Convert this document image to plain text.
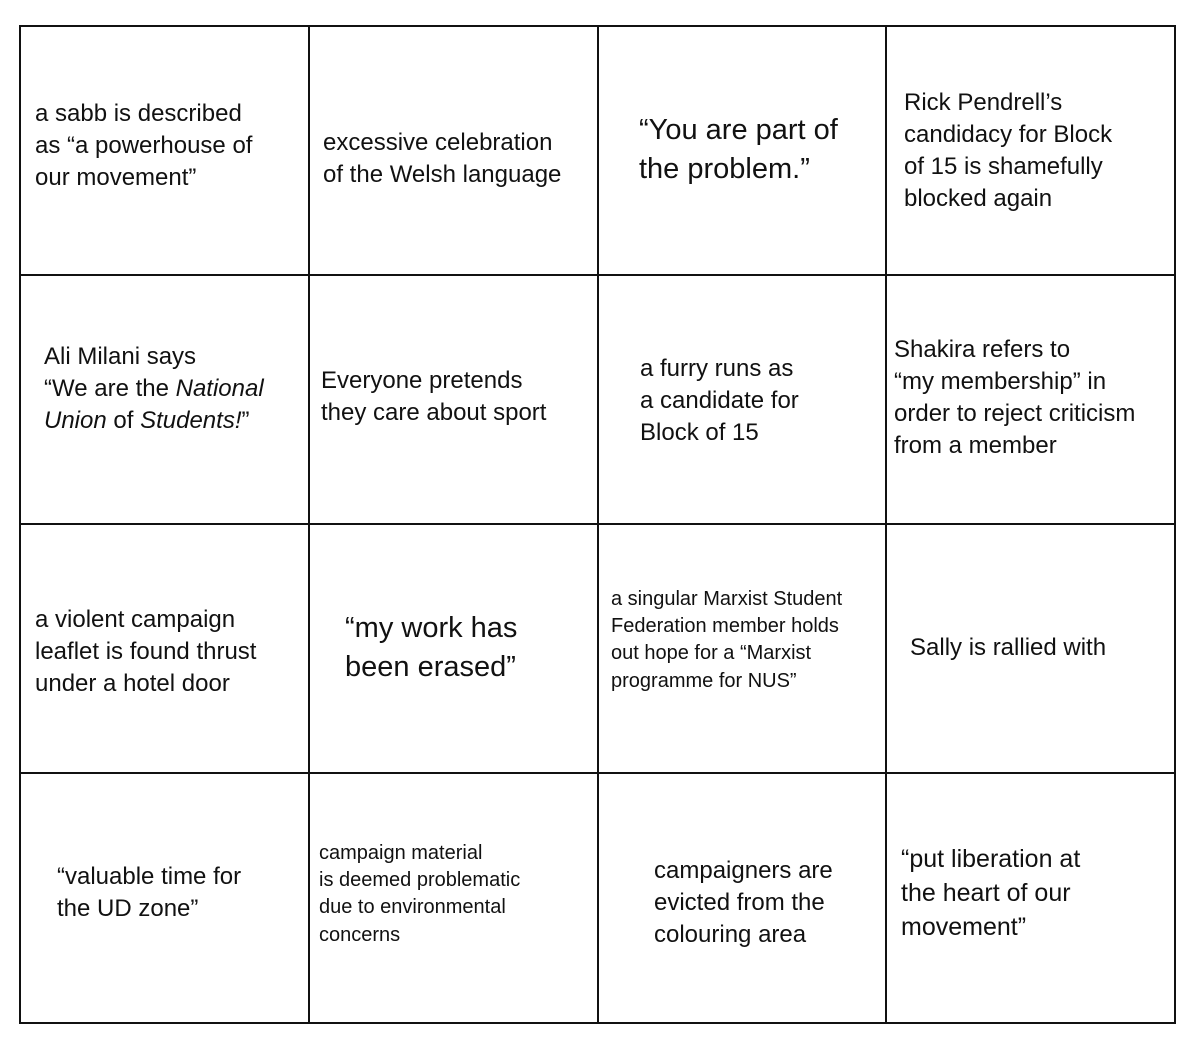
a sabb is described
as “a powerhouse of
our movement”
excessive celebration
of the Welsh language
“You are part of
the problem.”
Rick Pendrell’s
candidacy for Block
of 15 is shamefully
blocked again
Ali Milani says
“We are the National
Union of Students!”
Everyone pretends
they care about sport
a furry runs as
a candidate for
Block of 15
Shakira refers to
“my membership” in
order to reject criticism
from a member
a violent campaign
leaflet is found thrust
under a hotel door
“my work has
been erased”
a singular Marxist Student
Federation member holds
out hope for a “Marxist
programme for NUS”
Sally is rallied with
“valuable time for
the UD zone”
campaign material
is deemed problematic
due to environmental
concerns
campaigners are
evicted from the
colouring area
“put liberation at
the heart of our
movement”
